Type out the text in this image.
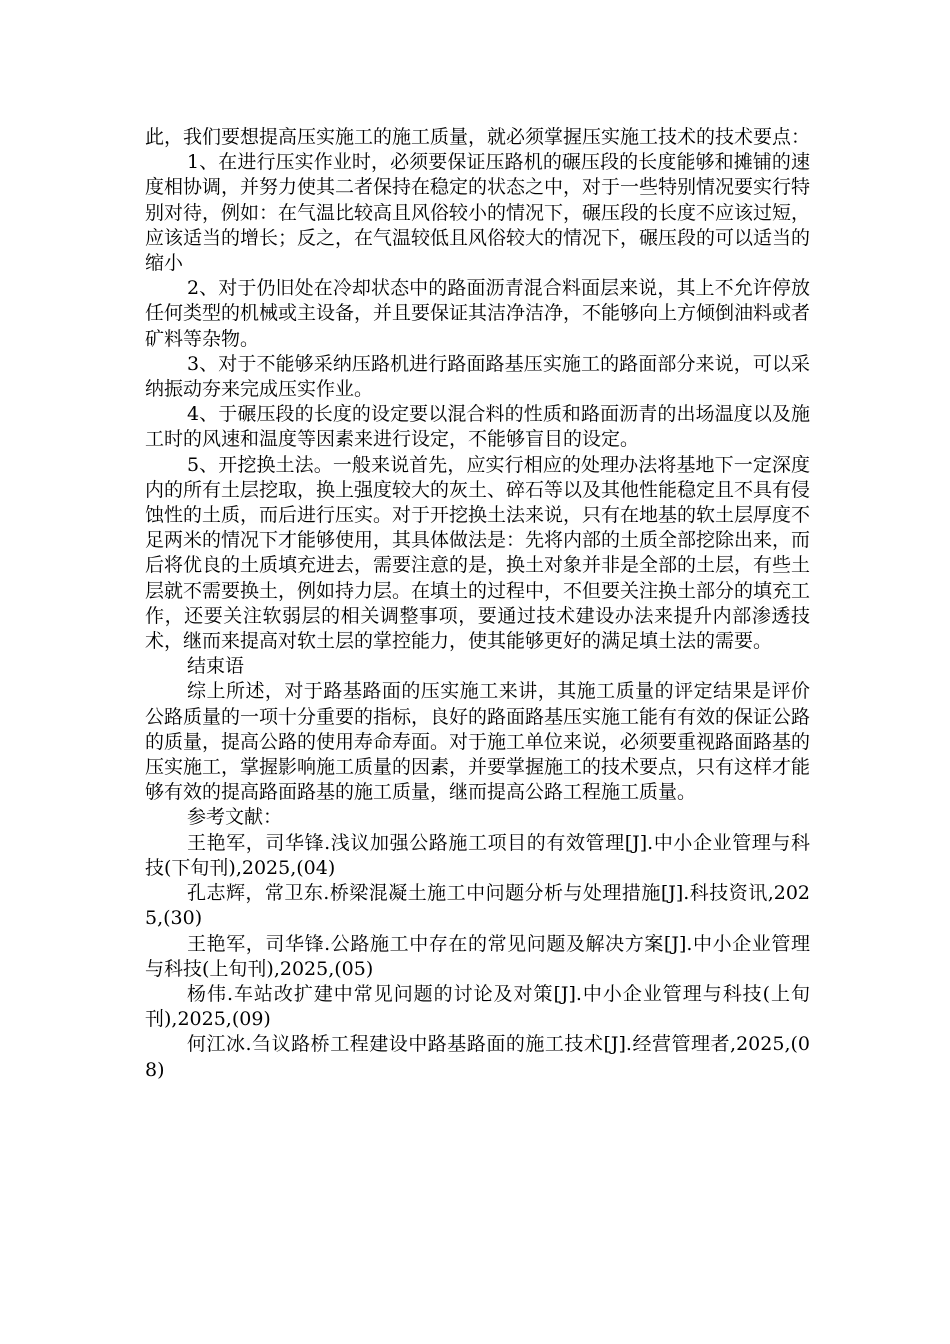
此，我们要想提高压实施工的施工质量，就必须掌握压实施工技术的技术要点：

1、在进行压实作业时，必须要保证压路机的碾压段的长度能够和摊铺的速度相协调，并努力使其二者保持在稳定的状态之中，对于一些特别情况要实行特别对待，例如：在气温比较高且风俗较小的情况下，碾压段的长度不应该过短，应该适当的增长；反之，在气温较低且风俗较大的情况下，碾压段的可以适当的缩小

2、对于仍旧处在冷却状态中的路面沥青混合料面层来说，其上不允许停放任何类型的机械或主设备，并且要保证其洁净洁净，不能够向上方倾倒油料或者矿料等杂物。

3、对于不能够采纳压路机进行路面路基压实施工的路面部分来说，可以采纳振动夯来完成压实作业。

4、于碾压段的长度的设定要以混合料的性质和路面沥青的出场温度以及施工时的风速和温度等因素来进行设定，不能够盲目的设定。

5、开挖换土法。一般来说首先，应实行相应的处理办法将基地下一定深度内的所有土层挖取，换上强度较大的灰土、碎石等以及其他性能稳定且不具有侵蚀性的土质，而后进行压实。对于开挖换土法来说，只有在地基的软土层厚度不足两米的情况下才能够使用，其具体做法是：先将内部的土质全部挖除出来，而后将优良的土质填充进去，需要注意的是，换土对象并非是全部的土层，有些土层就不需要换土，例如持力层。在填土的过程中，不但要关注换土部分的填充工作，还要关注软弱层的相关调整事项，要通过技术建设办法来提升内部渗透技术，继而来提高对软土层的掌控能力，使其能够更好的满足填土法的需要。

结束语

综上所述，对于路基路面的压实施工来讲，其施工质量的评定结果是评价公路质量的一项十分重要的指标，良好的路面路基压实施工能有有效的保证公路的质量，提高公路的使用寿命寿面。对于施工单位来说，必须要重视路面路基的压实施工，掌握影响施工质量的因素，并要掌握施工的技术要点，只有这样才能够有效的提高路面路基的施工质量，继而提高公路工程施工质量。

参考文献：

王艳军，司华锋.浅议加强公路施工项目的有效管理[J].中小企业管理与科技(下旬刊),2025,(04)

孔志辉，常卫东.桥梁混凝土施工中问题分析与处理措施[J].科技资讯,2025,(30)

王艳军，司华锋.公路施工中存在的常见问题及解决方案[J].中小企业管理与科技(上旬刊),2025,(05)

杨伟.车站改扩建中常见问题的讨论及对策[J].中小企业管理与科技(上旬刊),2025,(09)

何江冰.刍议路桥工程建设中路基路面的施工技术[J].经营管理者,2025,(08)
